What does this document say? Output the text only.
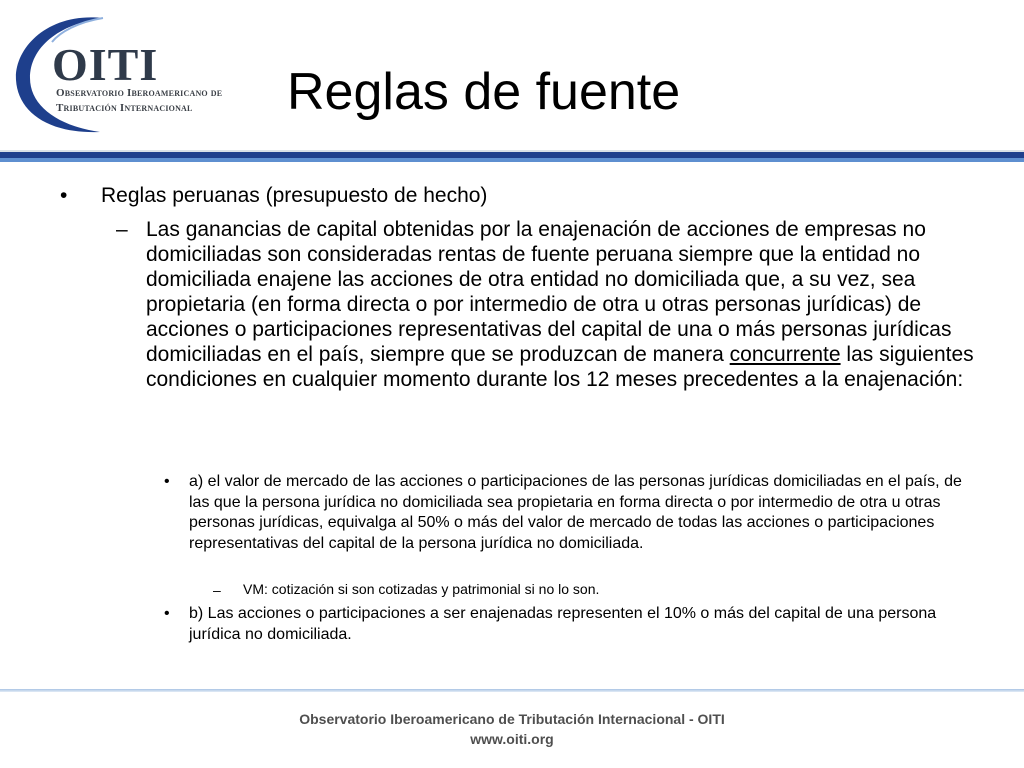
OITI
Observatorio Iberoamericano de
Tributación Internacional Reglas de fuente
• Reglas peruanas (presupuesto de hecho)
– Las ganancias de capital obtenidas por la enajenación de acciones de empresas no domiciliadas son consideradas rentas de fuente peruana siempre que la entidad no domiciliada enajene las acciones de otra entidad no domiciliada que, a su vez, sea propietaria (en forma directa o por intermedio de otra u otras personas jurídicas) de acciones o participaciones representativas del capital de una o más personas jurídicas domiciliadas en el país, siempre que se produzcan de manera concurrente las siguientes condiciones en cualquier momento durante los 12 meses precedentes a la enajenación:
• a) el valor de mercado de las acciones o participaciones de las personas jurídicas domiciliadas en el país, de las que la persona jurídica no domiciliada sea propietaria en forma directa o por intermedio de otra u otras personas jurídicas, equivalga al 50% o más del valor de mercado de todas las acciones o participaciones representativas del capital de la persona jurídica no domiciliada.
– VM: cotización si son cotizadas y patrimonial si no lo son.
• b) Las acciones o participaciones a ser enajenadas representen el 10% o más del capital de una persona jurídica no domiciliada.
Observatorio Iberoamericano de Tributación Internacional - OITI
www.oiti.org
